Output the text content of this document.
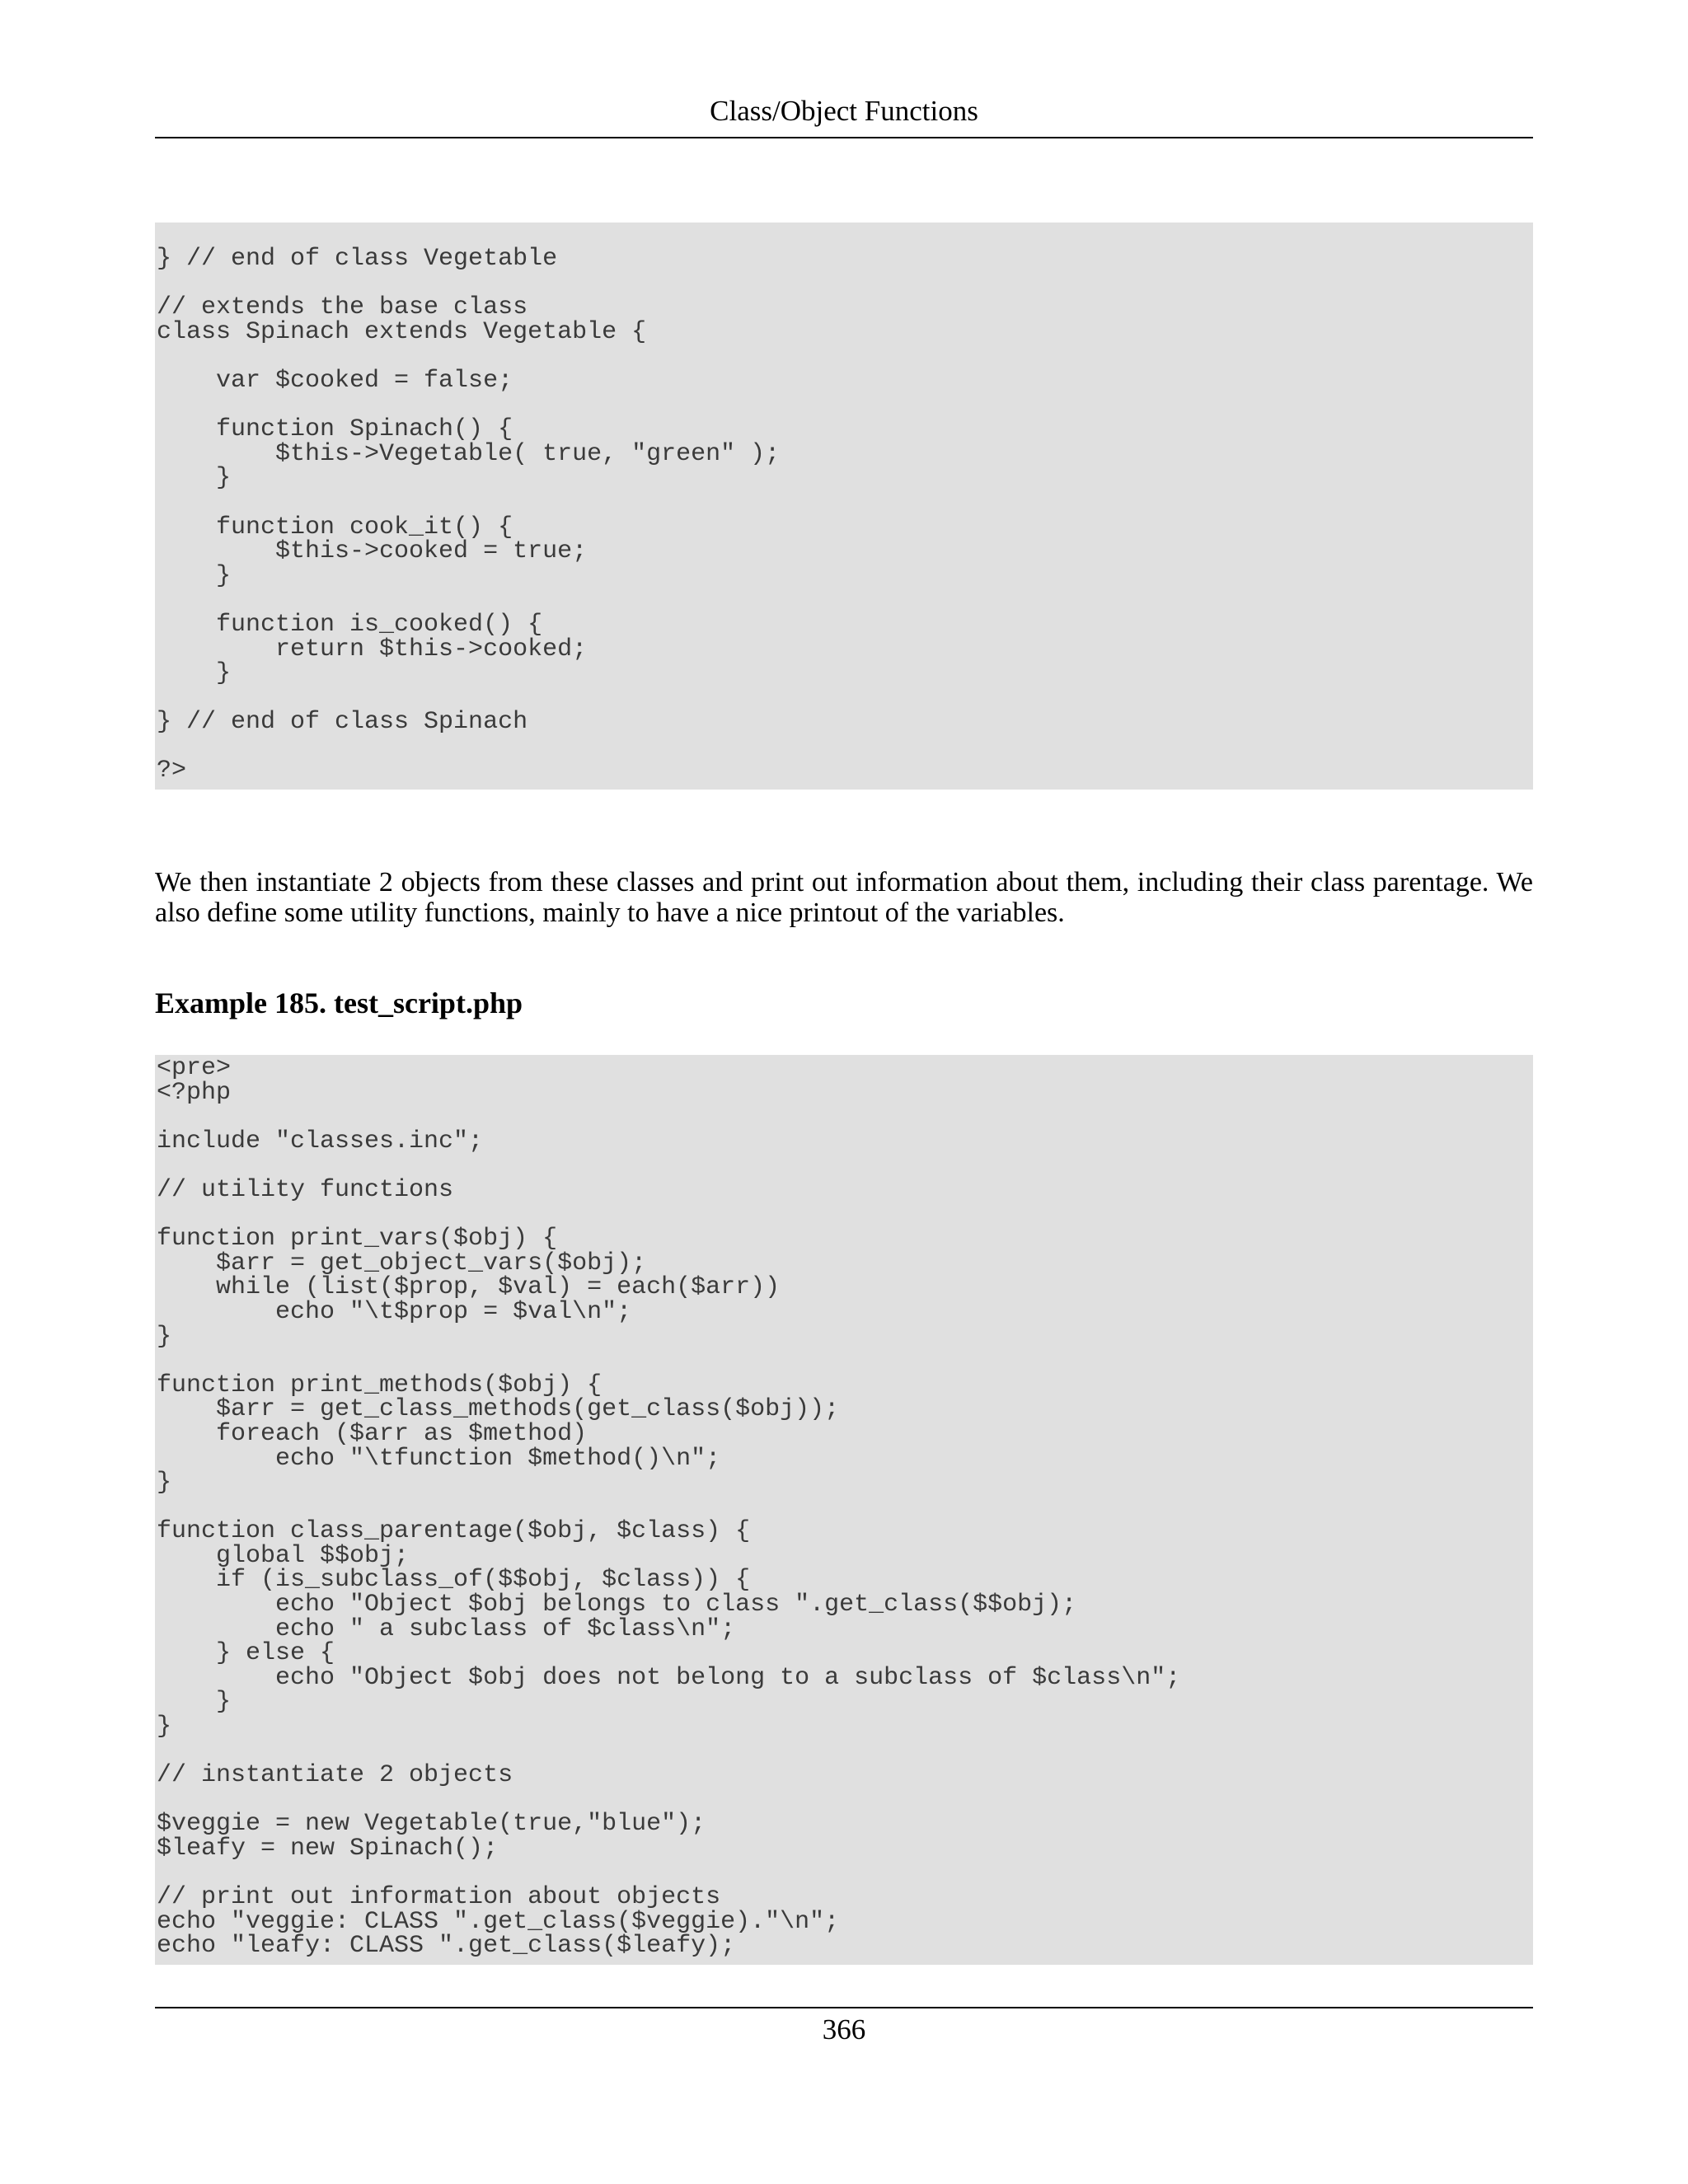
Class/Object Functions
} // end of class Vegetable

// extends the base class
class Spinach extends Vegetable {

var $cooked = false;

function Spinach() {
$this->Vegetable( true, "green" );
}

function cook_it() {
$this->cooked = true;
}

function is_cooked() {
return $this->cooked;
}

} // end of class Spinach

?>

We then instantiate 2 objects from these classes and print out information about them, including their class parentage. We also define some utility functions, mainly to have a nice printout of the variables.

Example 185. test_script.php
<pre>
<?php

include "classes.inc";

// utility functions

function print_vars($obj) {
$arr = get_object_vars($obj);
while (list($prop, $val) = each($arr))
echo "\t$prop = $val\n";
}

function print_methods($obj) {
$arr = get_class_methods(get_class($obj));
foreach ($arr as $method)
echo "\tfunction $method()\n";
}

function class_parentage($obj, $class) {
global $$obj;
if (is_subclass_of($$obj, $class)) {
echo "Object $obj belongs to class ".get_class($$obj);
echo " a subclass of $class\n";
} else {
echo "Object $obj does not belong to a subclass of $class\n";
}
}

// instantiate 2 objects

$veggie = new Vegetable(true,"blue");
$leafy = new Spinach();

// print out information about objects
echo "veggie: CLASS ".get_class($veggie)."\n";
echo "leafy: CLASS ".get_class($leafy);
366
